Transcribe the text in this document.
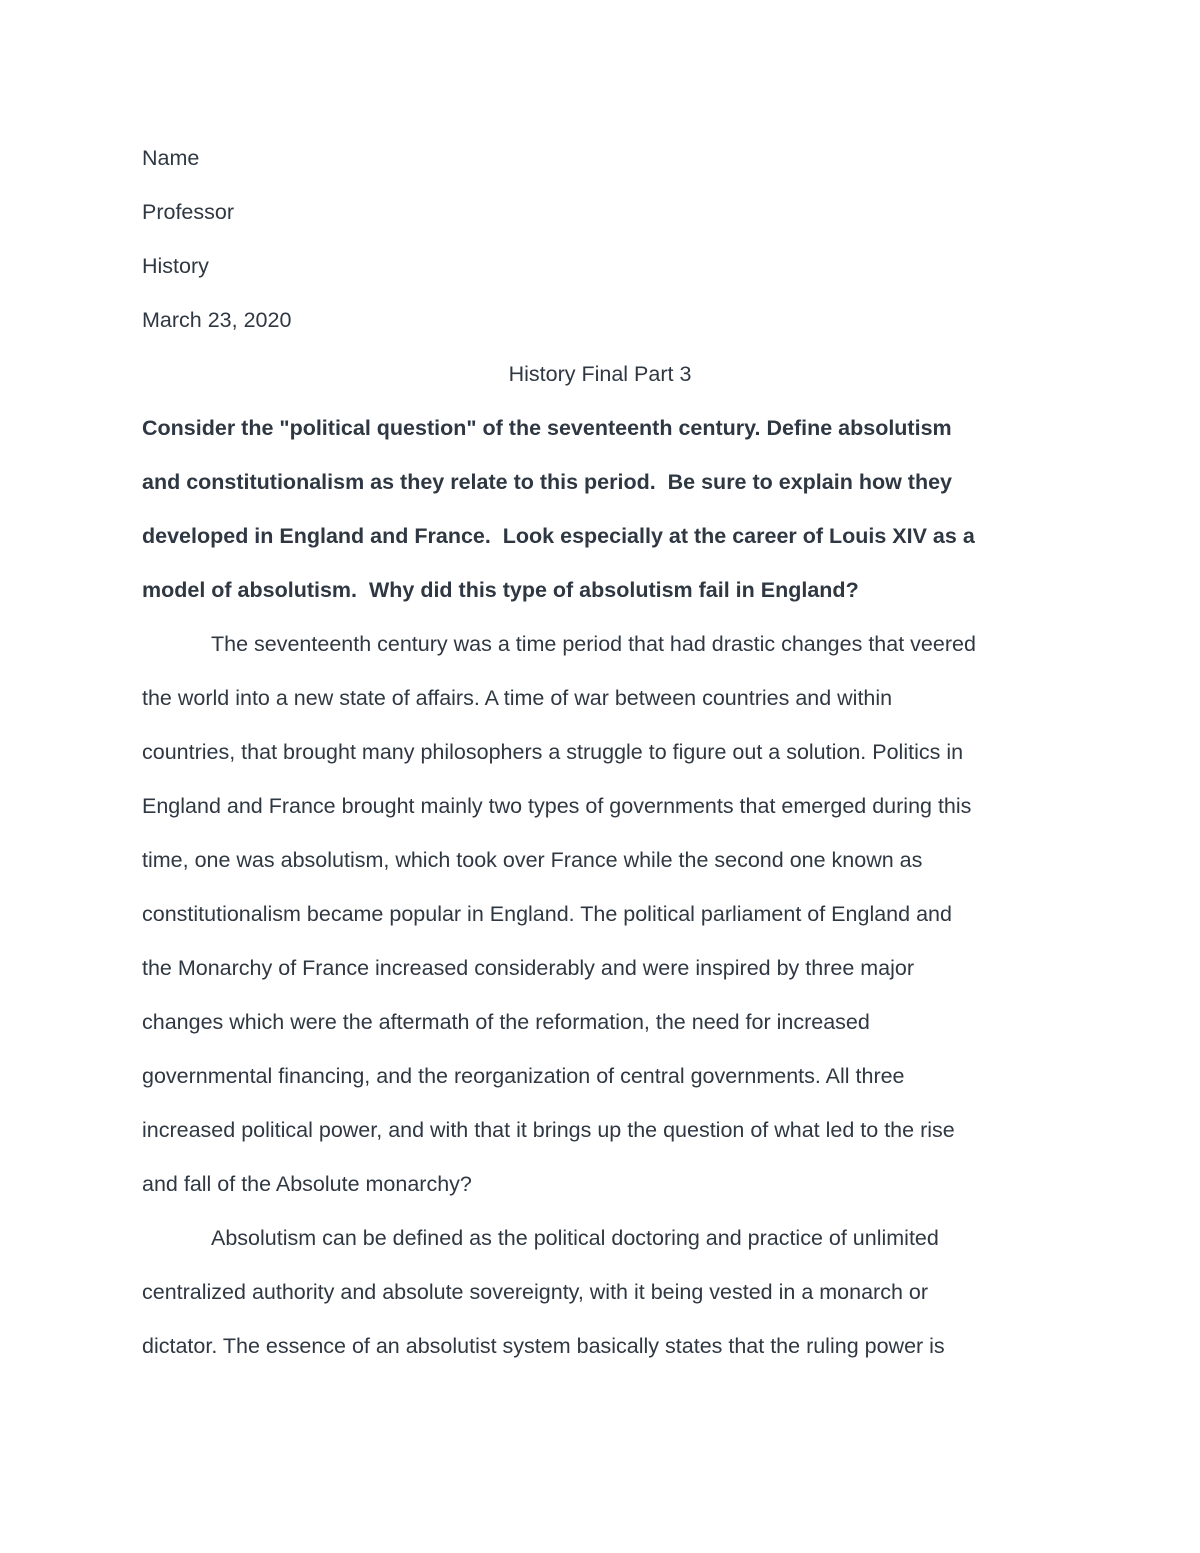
Name
Professor
History
March 23, 2020
History Final Part 3
Consider the "political question" of the seventeenth century. Define absolutism
and constitutionalism as they relate to this period.  Be sure to explain how they
developed in England and France.  Look especially at the career of Louis XIV as a
model of absolutism.  Why did this type of absolutism fail in England?
The seventeenth century was a time period that had drastic changes that veered
the world into a new state of affairs. A time of war between countries and within
countries, that brought many philosophers a struggle to figure out a solution. Politics in
England and France brought mainly two types of governments that emerged during this
time, one was absolutism, which took over France while the second one known as
constitutionalism became popular in England. The political parliament of England and
the Monarchy of France increased considerably and were inspired by three major
changes which were the aftermath of the reformation, the need for increased
governmental financing, and the reorganization of central governments. All three
increased political power, and with that it brings up the question of what led to the rise
and fall of the Absolute monarchy?
Absolutism can be defined as the political doctoring and practice of unlimited
centralized authority and absolute sovereignty, with it being vested in a monarch or
dictator. The essence of an absolutist system basically states that the ruling power is
